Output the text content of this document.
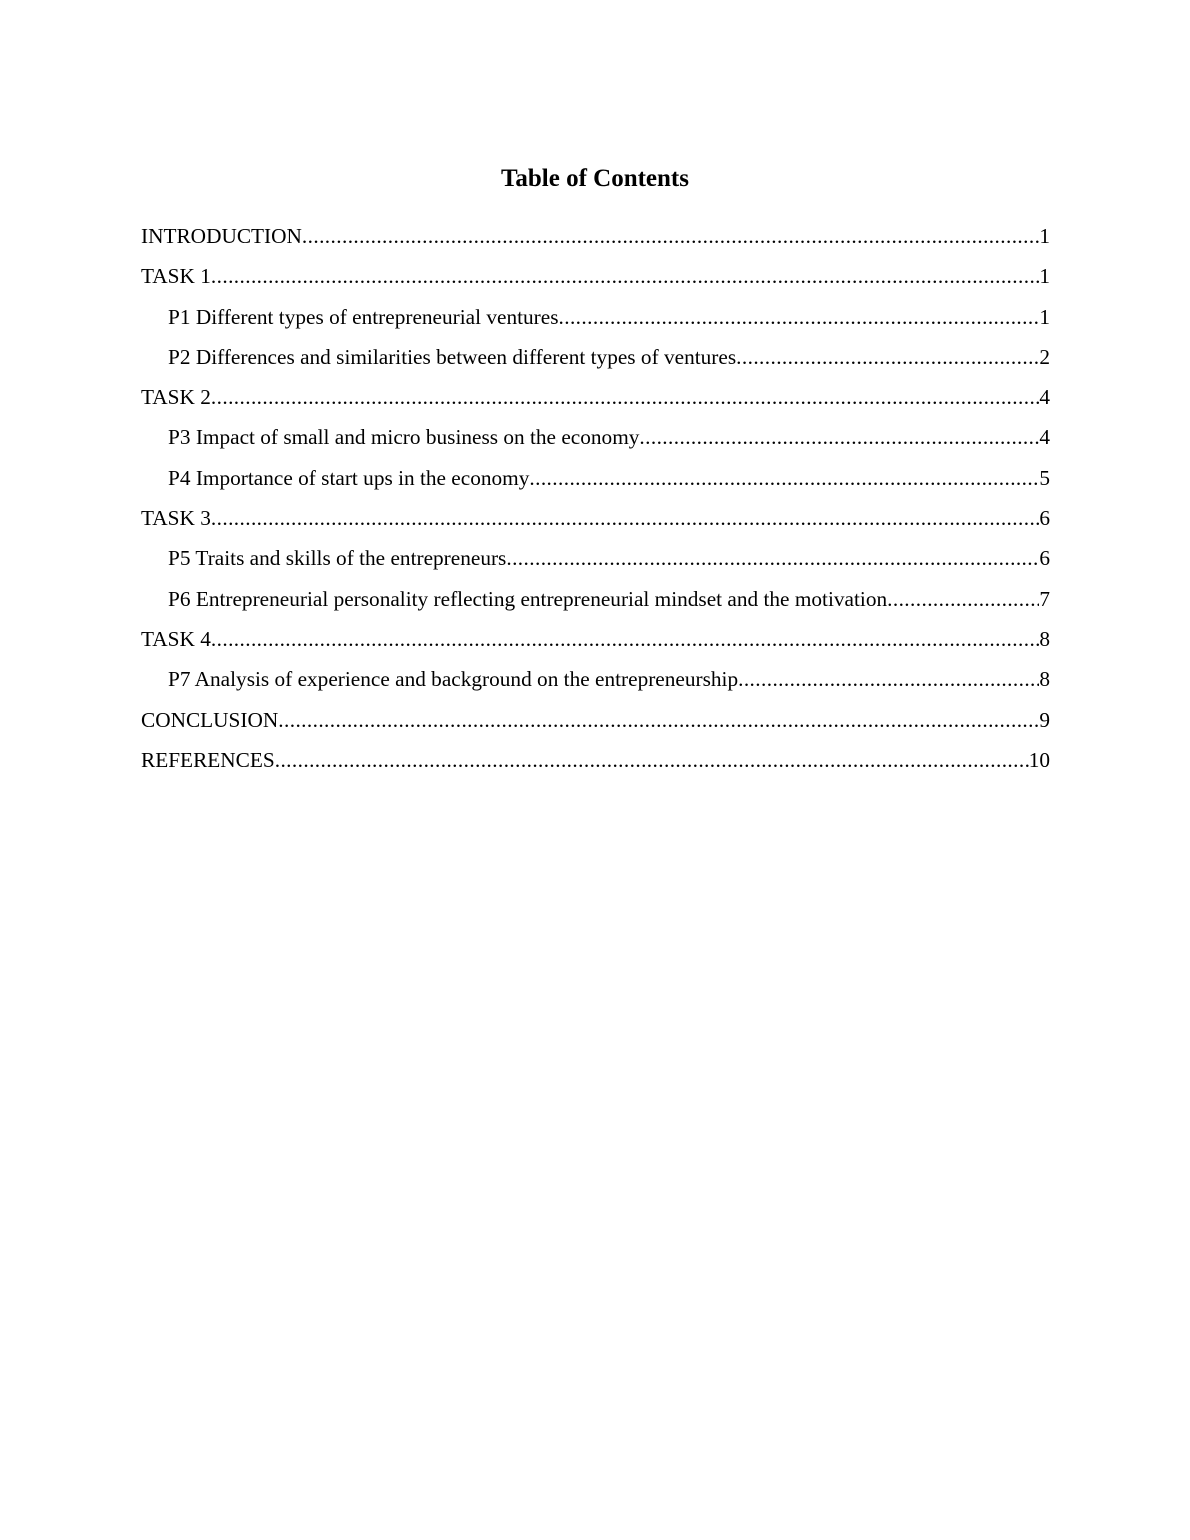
Table of Contents
INTRODUCTION .....	1
TASK 1 .....	1
P1 Different types of entrepreneurial ventures .....	1
P2 Differences and similarities between different types of ventures .....	2
TASK 2 .....	4
P3 Impact of small and micro business on the economy .....	4
P4 Importance of start ups in the economy .....	5
TASK 3 .....	6
P5 Traits and skills of the entrepreneurs .....	6
P6 Entrepreneurial personality reflecting entrepreneurial mindset and the motivation .....	7
TASK 4 .....	8
P7 Analysis of experience and background on the entrepreneurship .....	8
CONCLUSION .....	9
REFERENCES .....	10
